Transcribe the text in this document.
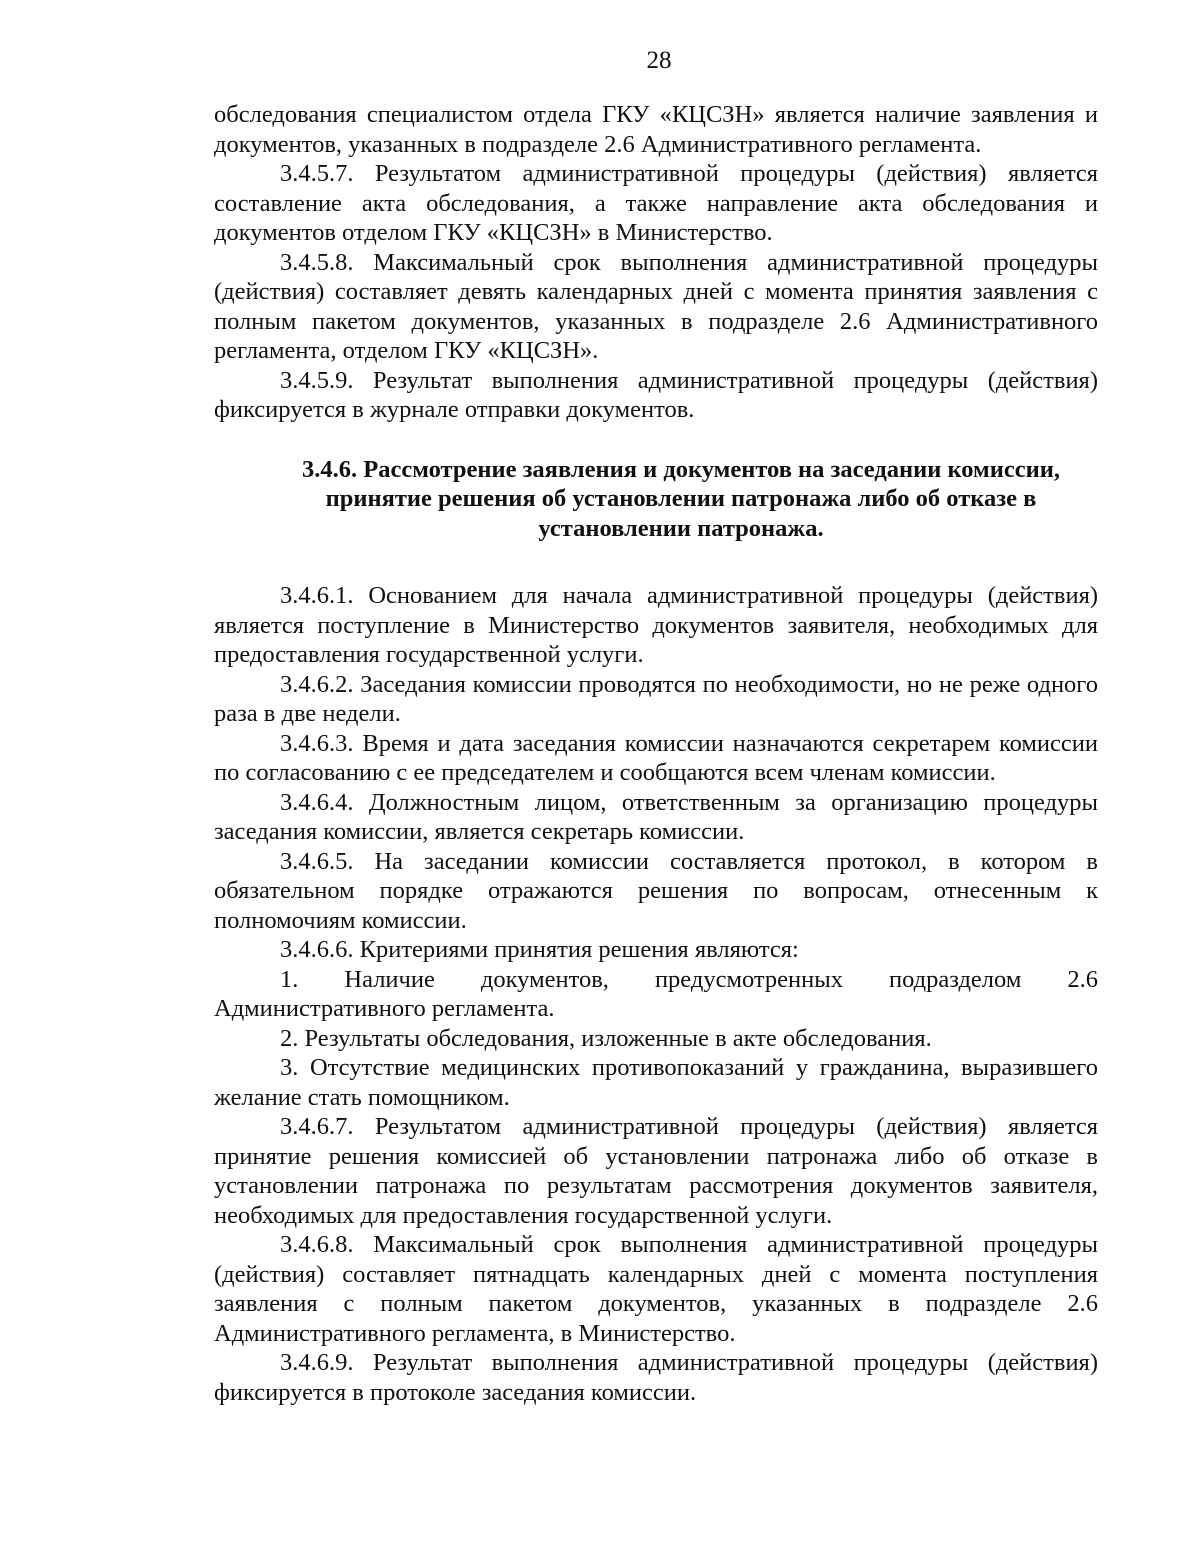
28

обследования специалистом отдела ГКУ «КЦСЗН» является наличие заявления и документов, указанных в подразделе 2.6 Административного регламента.

3.4.5.7. Результатом административной процедуры (действия) является составление акта обследования, а также направление акта обследования и документов отделом ГКУ «КЦСЗН» в Министерство.

3.4.5.8. Максимальный срок выполнения административной процедуры (действия) составляет девять календарных дней с момента принятия заявления с полным пакетом документов, указанных в подразделе 2.6 Административного регламента, отделом ГКУ «КЦСЗН».

3.4.5.9. Результат выполнения административной процедуры (действия) фиксируется в журнале отправки документов.

3.4.6. Рассмотрение заявления и документов на заседании комиссии, принятие решения об установлении патронажа либо об отказе в установлении патронажа.

3.4.6.1. Основанием для начала административной процедуры (действия) является поступление в Министерство документов заявителя, необходимых для предоставления государственной услуги.

3.4.6.2. Заседания комиссии проводятся по необходимости, но не реже одного раза в две недели.

3.4.6.3. Время и дата заседания комиссии назначаются секретарем комиссии по согласованию с ее председателем и сообщаются всем членам комиссии.

3.4.6.4. Должностным лицом, ответственным за организацию процедуры заседания комиссии, является секретарь комиссии.

3.4.6.5. На заседании комиссии составляется протокол, в котором в обязательном порядке отражаются решения по вопросам, отнесенным к полномочиям комиссии.

3.4.6.6. Критериями принятия решения являются:

1. Наличие документов, предусмотренных подразделом 2.6 Административного регламента.

2. Результаты обследования, изложенные в акте обследования.

3. Отсутствие медицинских противопоказаний у гражданина, выразившего желание стать помощником.

3.4.6.7. Результатом административной процедуры (действия) является принятие решения комиссией об установлении патронажа либо об отказе в установлении патронажа по результатам рассмотрения документов заявителя, необходимых для предоставления государственной услуги.

3.4.6.8. Максимальный срок выполнения административной процедуры (действия) составляет пятнадцать календарных дней с момента поступления заявления с полным пакетом документов, указанных в подразделе 2.6 Административного регламента, в Министерство.

3.4.6.9. Результат выполнения административной процедуры (действия) фиксируется в протоколе заседания комиссии.
